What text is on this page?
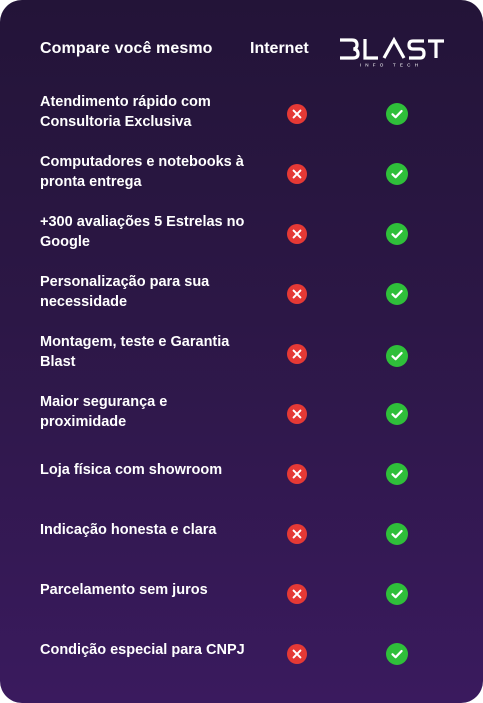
Compare você mesmo Internet
INFO TECH
Atendimento rápido com Consultoria Exclusiva
Computadores e notebooks à pronta entrega
+300 avaliações 5 Estrelas no Google
Personalização para sua necessidade
Montagem, teste e Garantia Blast
Maior segurança e proximidade
Loja física com showroom
Indicação honesta e clara
Parcelamento sem juros
Condição especial para CNPJ
